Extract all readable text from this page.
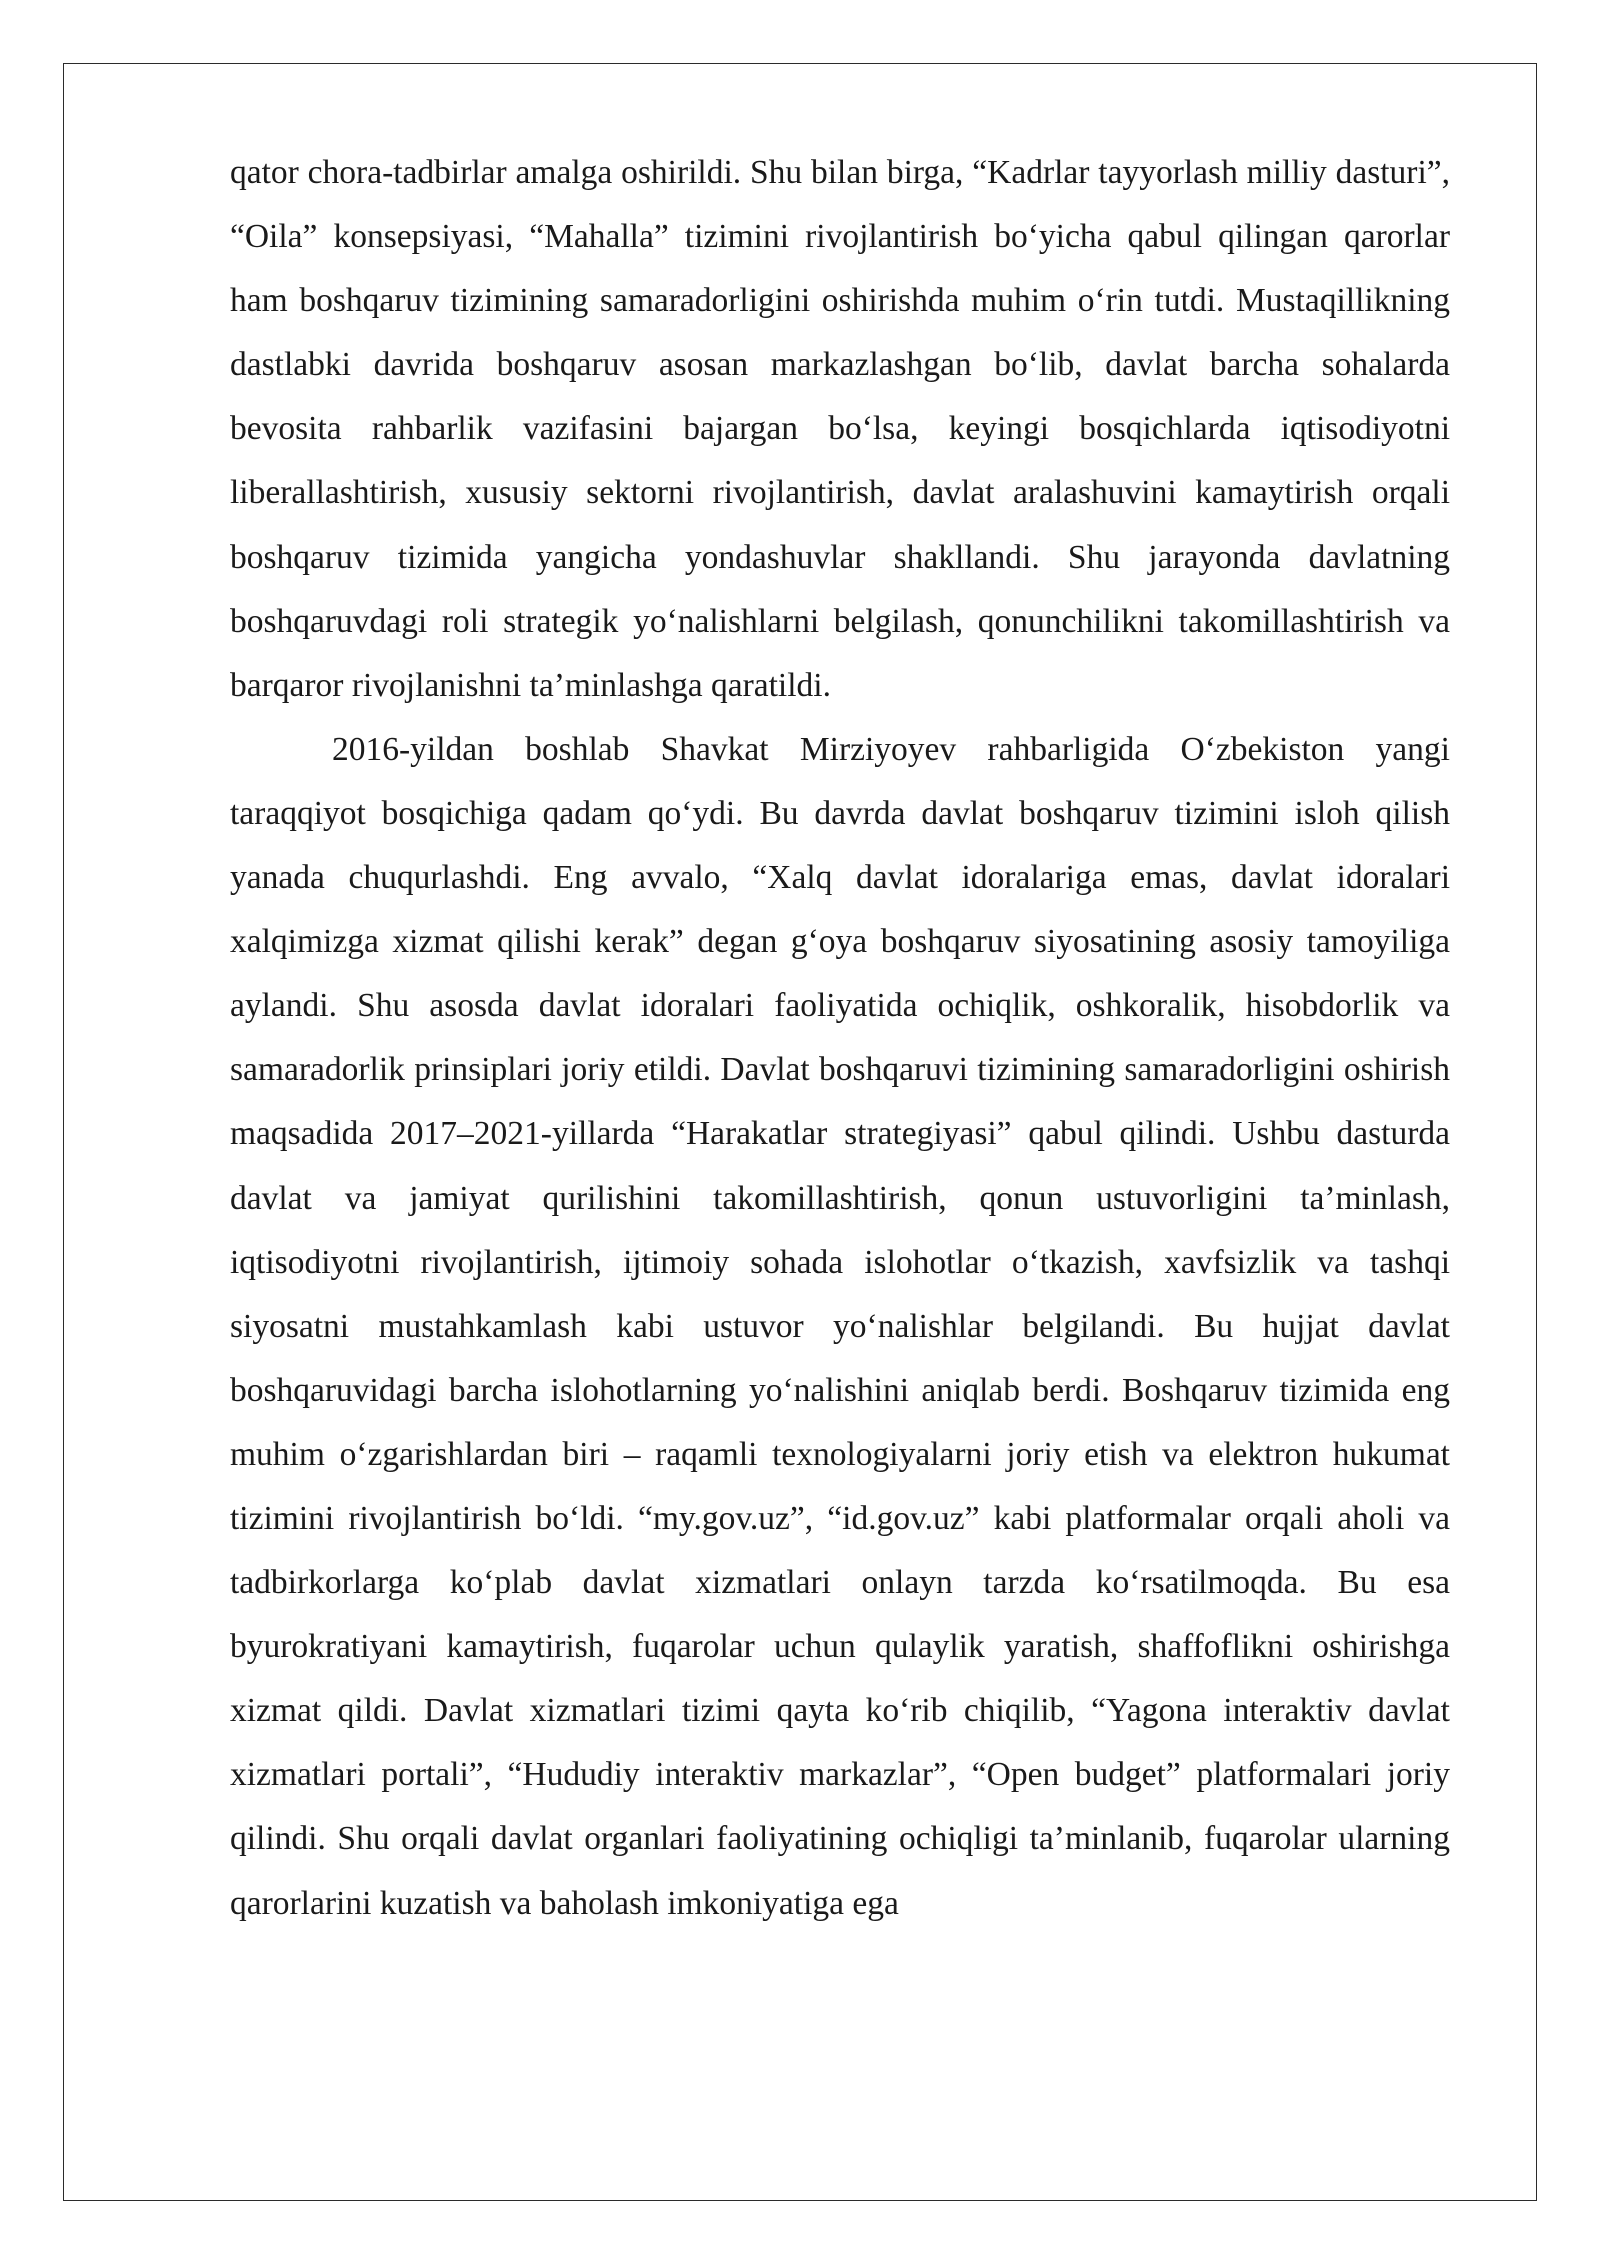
qator chora-tadbirlar amalga oshirildi. Shu bilan birga, “Kadrlar tayyorlash milliy dasturi”, “Oila” konsepsiyasi, “Mahalla” tizimini rivojlantirish bo‘yicha qabul qilingan qarorlar ham boshqaruv tizimining samaradorligini oshirishda muhim o‘rin tutdi. Mustaqillikning dastlabki davrida boshqaruv asosan markazlashgan bo‘lib, davlat barcha sohalarda bevosita rahbarlik vazifasini bajargan bo‘lsa, keyingi bosqichlarda iqtisodiyotni liberallashtirish, xususiy sektorni rivojlantirish, davlat aralashuvini kamaytirish orqali boshqaruv tizimida yangicha yondashuvlar shakllandi. Shu jarayonda davlatning boshqaruvdagi roli strategik yo‘nalishlarni belgilash, qonunchilikni takomillashtirish va barqaror rivojlanishni ta’minlashga qaratildi.

2016-yildan boshlab Shavkat Mirziyoyev rahbarligida O‘zbekiston yangi taraqqiyot bosqichiga qadam qo‘ydi. Bu davrda davlat boshqaruv tizimini isloh qilish yanada chuqurlashdi. Eng avvalo, “Xalq davlat idoralariga emas, davlat idoralari xalqimizga xizmat qilishi kerak” degan g‘oya boshqaruv siyosatining asosiy tamoyiliga aylandi. Shu asosda davlat idoralari faoliyatida ochiqlik, oshkoralik, hisobdorlik va samaradorlik prinsiplari joriy etildi. Davlat boshqaruvi tizimining samaradorligini oshirish maqsadida 2017–2021-yillarda “Harakatlar strategiyasi” qabul qilindi. Ushbu dasturda davlat va jamiyat qurilishini takomillashtirish, qonun ustuvorligini ta’minlash, iqtisodiyotni rivojlantirish, ijtimoiy sohada islohotlar o‘tkazish, xavfsizlik va tashqi siyosatni mustahkamlash kabi ustuvor yo‘nalishlar belgilandi. Bu hujjat davlat boshqaruvidagi barcha islohotlarning yo‘nalishini aniqlab berdi. Boshqaruv tizimida eng muhim o‘zgarishlardan biri – raqamli texnologiyalarni joriy etish va elektron hukumat tizimini rivojlantirish bo‘ldi. “my.gov.uz”, “id.gov.uz” kabi platformalar orqali aholi va tadbirkorlarga ko‘plab davlat xizmatlari onlayn tarzda ko‘rsatilmoqda. Bu esa byurokratiyani kamaytirish, fuqarolar uchun qulaylik yaratish, shaffoflikni oshirishga xizmat qildi. Davlat xizmatlari tizimi qayta ko‘rib chiqilib, “Yagona interaktiv davlat xizmatlari portali”, “Hududiy interaktiv markazlar”, “Open budget” platformalari joriy qilindi. Shu orqali davlat organlari faoliyatining ochiqligi ta’minlanib, fuqarolar ularning qarorlarini kuzatish va baholash imkoniyatiga ega
